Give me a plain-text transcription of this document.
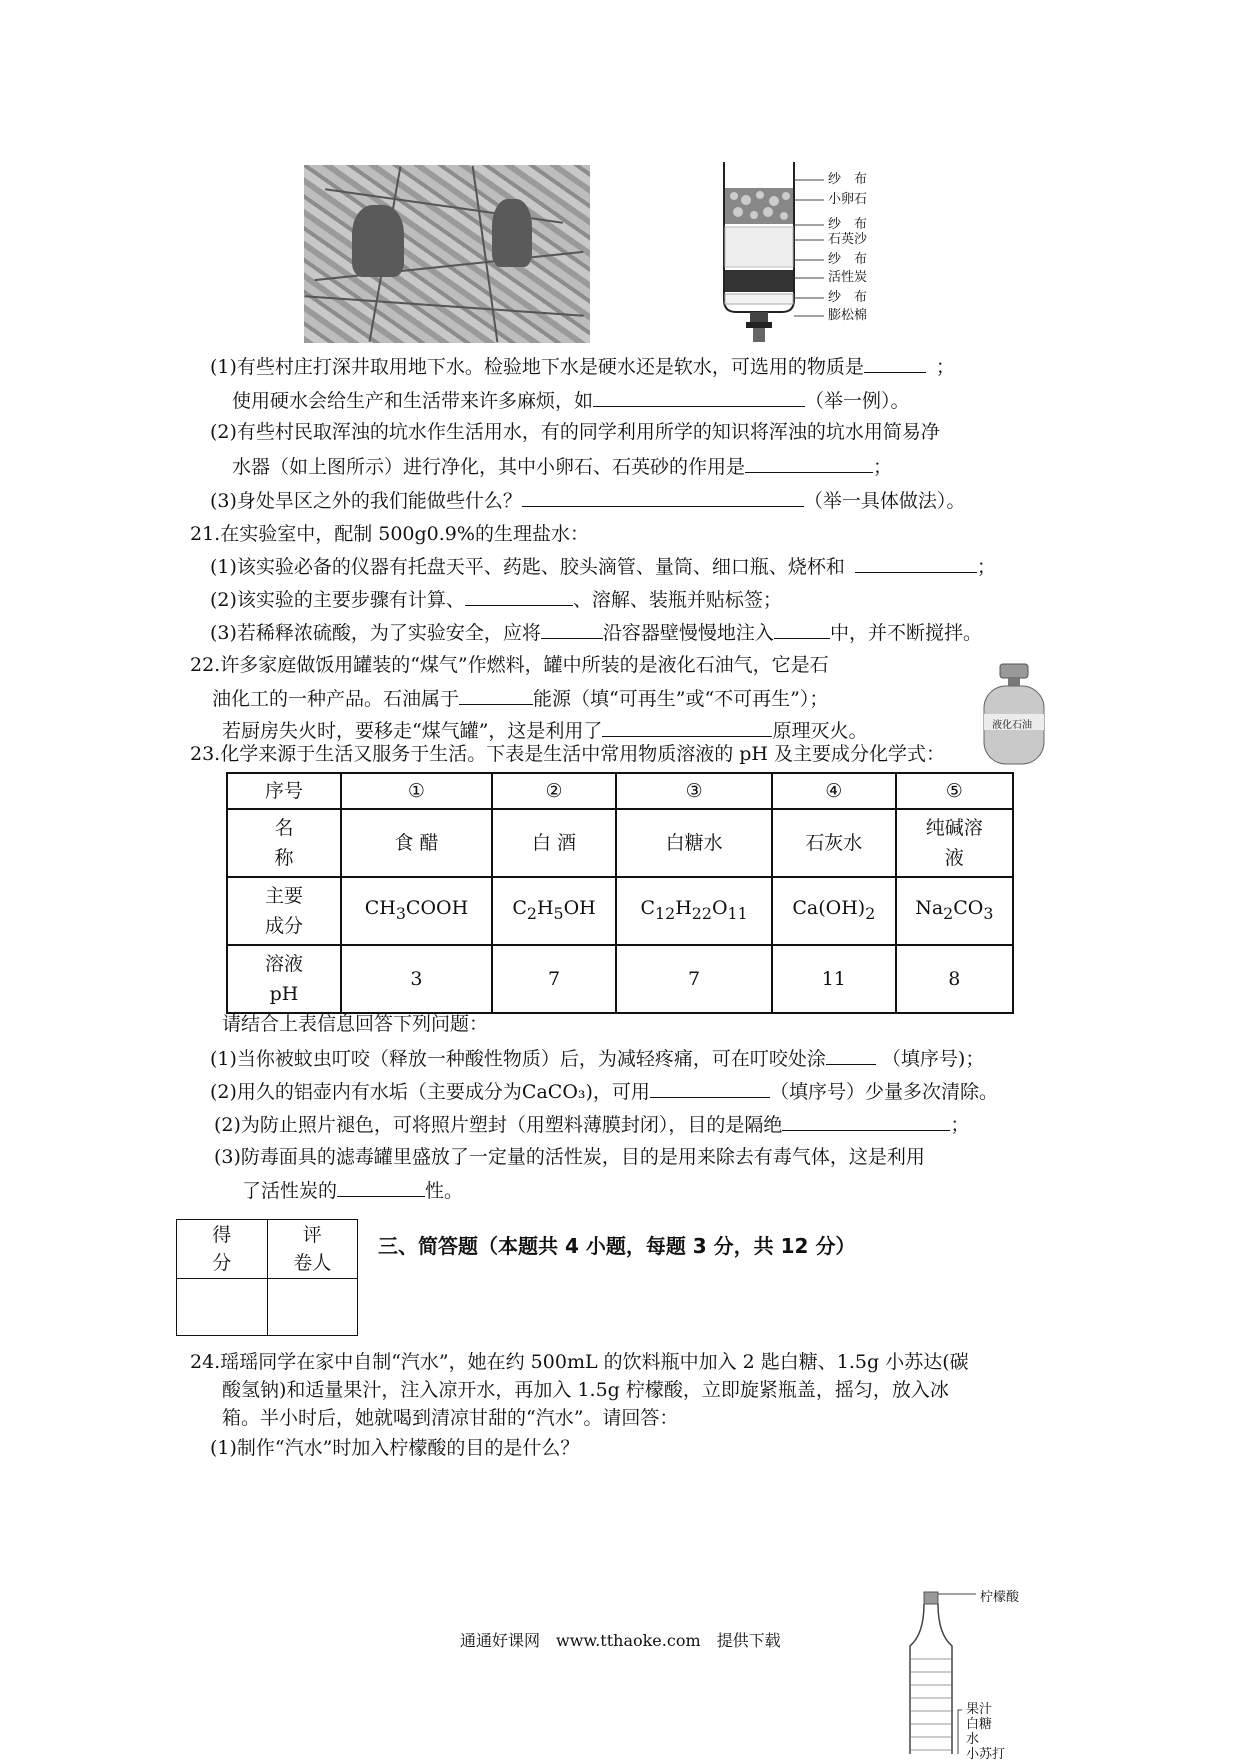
纱　布
小卵石
纱　布
石英沙
纱　布
活性炭
纱　布
膨松棉
(1)有些村庄打深井取用地下水。检验地下水是硬水还是软水，可选用的物质是	；
使用硬水会给生产和生活带来许多麻烦，如	（举一例）。
(2)有些村民取浑浊的坑水作生活用水，有的同学利用所学的知识将浑浊的坑水用简易净
水器（如上图所示）进行净化，其中小卵石、石英砂的作用是	；
(3)身处旱区之外的我们能做些什么？	（举一具体做法）。
21.在实验室中，配制 500g0.9%的生理盐水：
(1)该实验必备的仪器有托盘天平、药匙、胶头滴管、量筒、细口瓶、烧杯和	；
(2)该实验的主要步骤有计算、	、溶解、装瓶并贴标签；
(3)若稀释浓硫酸，为了实验安全，应将	沿容器壁慢慢地注入	中，并不断搅拌。
22.许多家庭做饭用罐装的“煤气”作燃料，罐中所装的是液化石油气，它是石
油化工的一种产品。石油属于	能源（填“可再生”或“不可再生”）；
若厨房失火时，要移走“煤气罐”，这是利用了	原理灭火。	液化石油
23.化学来源于生活又服务于生活。下表是生活中常用物质溶液的 pH 及主要成分化学式：
序号	①	②	③	④	⑤
名
称	食 醋	白 酒	白糖水	石灰水	纯碱溶
液
主要
成分	$CH_3COOH$	$C_2H_5OH$	$C_{12}H_{22}O_{11}$	$Ca(OH)_2$	$Na_2CO_3$
溶液
pH	3	7	7	11	8
请结合上表信息回答下列问题：
(1)当你被蚊虫叮咬（释放一种酸性物质）后，为减轻疼痛，可在叮咬处涂	（填序号)；
(2)用久的铝壶内有水垢（主要成分为CaCO₃)，可用	（填序号）少量多次清除。
(2)为防止照片褪色，可将照片塑封（用塑料薄膜封闭），目的是隔绝	；
(3)防毒面具的滤毒罐里盛放了一定量的活性炭，目的是用来除去有毒气体，这是利用
了活性炭的	性。
得
分	评
卷人

三、简答题（本题共 4 小题，每题 3 分，共 12 分）
24.瑶瑶同学在家中自制“汽水”，她在约 500mL 的饮料瓶中加入 2 匙白糖、1.5g 小苏达(碳
酸氢钠)和适量果汁，注入凉开水，再加入 1.5g 柠檬酸，立即旋紧瓶盖，摇匀，放入冰
箱。半小时后，她就喝到清凉甘甜的“汽水”。请回答：
(1)制作“汽水”时加入柠檬酸的目的是什么？
柠檬酸
果汁
白糖
水
小苏打
通通好课网　www.tthaoke.com　提供下载
